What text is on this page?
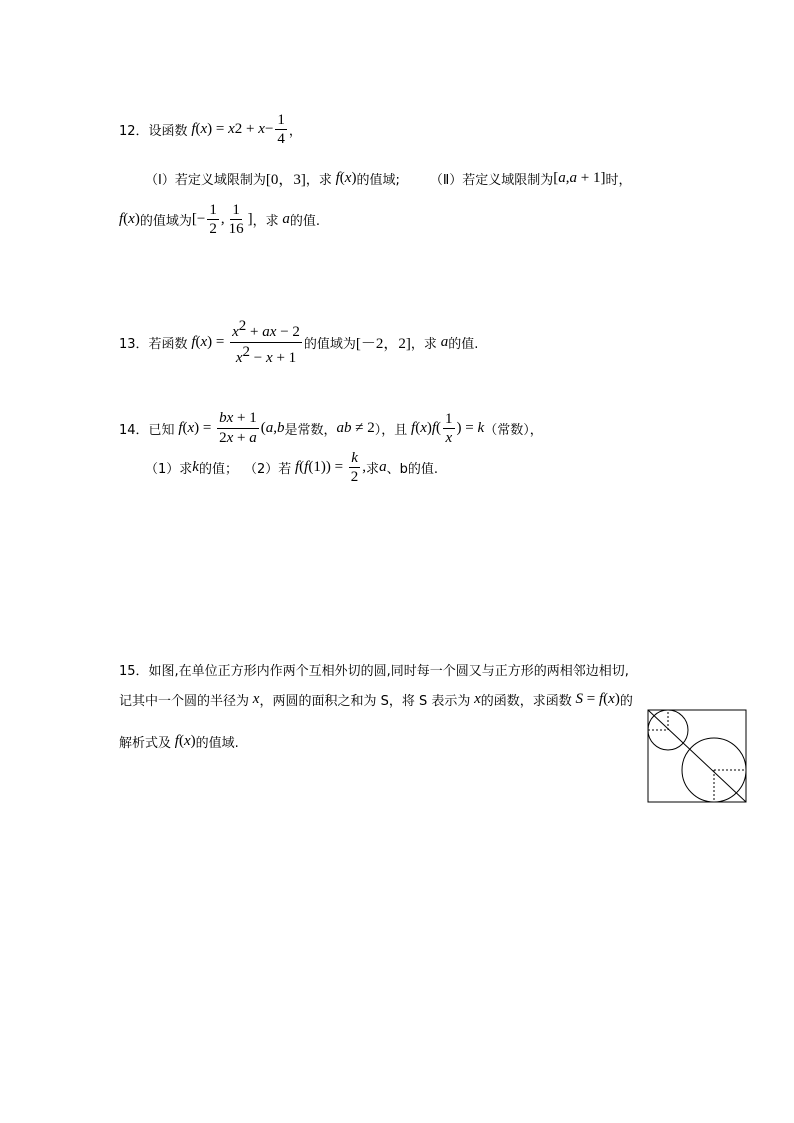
12． 设函数 f ( x ) = x $2 + x - \frac{1}{4}$ ，
（Ⅰ）若定义域限制为 [0，3] ，求 f ( x ) 的值域; （Ⅱ）若定义域限制为 [ a , a + 1] 时，
f ( x ) 的值域为 [− $\frac{1}{2}$ , $\frac{1}{16}$ ] ，求 a 的值.
13． 若函数 f ( x ) = $\frac{x^2 + ax - 2}{x^2 - x + 1}$ 的值域为 [－2，2] ，求 a 的值.
14． 已知 f ( x ) = $\frac{bx + 1}{2x + a}$ ( a , b 是常数， ab ≠ 2 ），且 f ( x ) f ( $\frac{1}{x}$ ) = k （常数），
（1）求 k 的值； （2）若 f ( f $(1)) = \frac{k}{2}$ , 求 a 、b的值.
15． 如图,在单位正方形内作两个互相外切的圆,同时每一个圆又与正方形的两相邻边相切,
记其中一个圆的半径为 x ，两圆的面积之和为 S，将 S 表示为 x 的函数，求函数 S = f ( x ) 的
解析式及 f ( x ) 的值域.
